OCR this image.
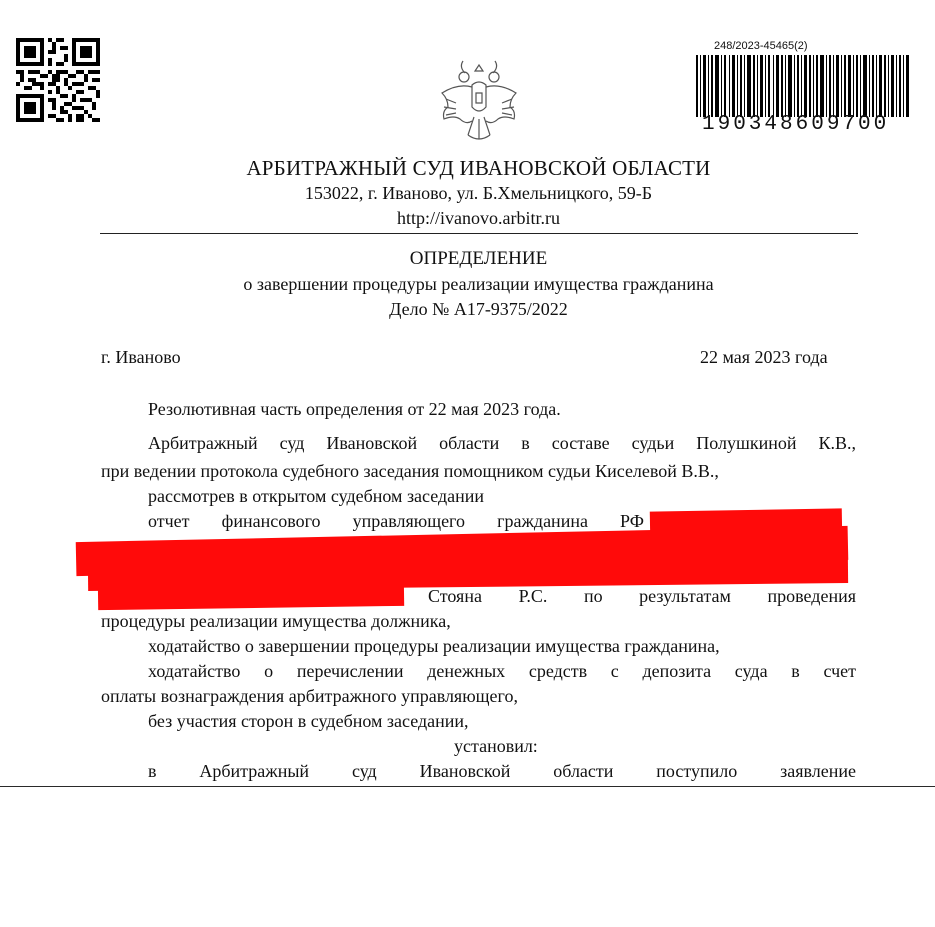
248/2023-45465(2)
190348609700
АРБИТРАЖНЫЙ СУД ИВАНОВСКОЙ ОБЛАСТИ
153022, г. Иваново, ул. Б.Хмельницкого, 59-Б
http://ivanovo.arbitr.ru
ОПРЕДЕЛЕНИЕ
о завершении процедуры реализации имущества гражданина
Дело № А17-9375/2022
г. Иваново	22 мая 2023 года
Резолютивная часть определения от 22 мая 2023 года.
Арбитражный суд Ивановской области в составе судьи Полушкиной К.В.,
при ведении протокола судебного заседания помощником судьи Киселевой В.В.,
рассмотрев в открытом судебном заседании
отчет финансового управляющего гражданина РФ
Стояна Р.С. по результатам проведения
процедуры реализации имущества должника,
ходатайство о завершении процедуры реализации имущества гражданина,
ходатайство о перечислении денежных средств с депозита суда в счет
оплаты вознаграждения арбитражного управляющего,
без участия сторон в судебном заседании,
установил:
в Арбитражный суд Ивановской области поступило заявление
